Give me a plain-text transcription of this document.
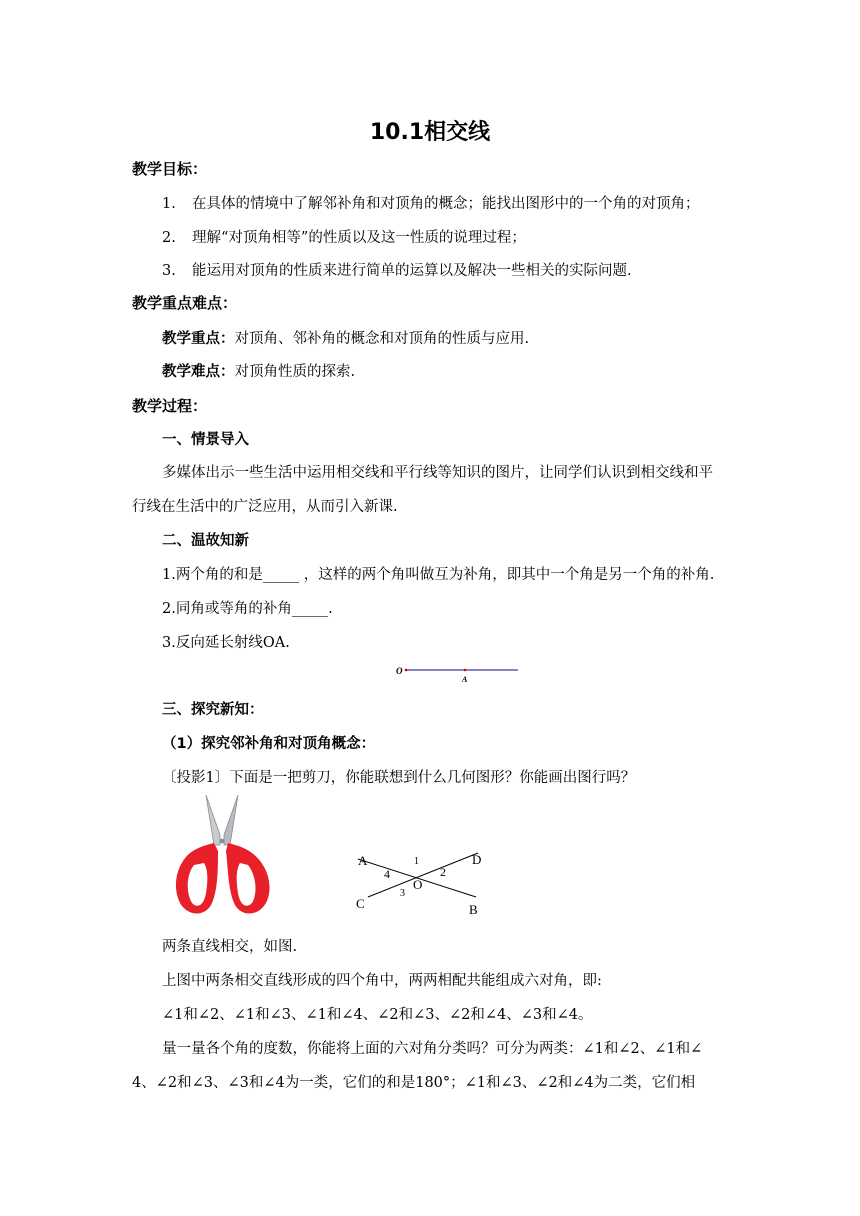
10.1相交线
教学目标：
1. 在具体的情境中了解邻补角和对顶角的概念；能找出图形中的一个角的对顶角；
2. 理解“对顶角相等”的性质以及这一性质的说理过程；
3. 能运用对顶角的性质来进行简单的运算以及解决一些相关的实际问题.
教学重点难点：
教学重点：对顶角、邻补角的概念和对顶角的性质与应用.
教学难点：对顶角性质的探索.
教学过程：
一、情景导入
多媒体出示一些生活中运用相交线和平行线等知识的图片，让同学们认识到相交线和平
行线在生活中的广泛应用，从而引入新课.
二、温故知新
1.两个角的和是_____ ，这样的两个角叫做互为补角，即其中一个角是另一个角的补角.
2.同角或等角的补角_____.
3.反向延长射线OA.
O
A
三、探究新知：
（1）探究邻补角和对顶角概念：
〔投影1〕下面是一把剪刀，你能联想到什么几何图形？你能画出图行吗？
A	D
C	B
O
1
2
3
4
两条直线相交，如图.
上图中两条相交直线形成的四个角中，两两相配共能组成六对角，即:
∠1和∠2、∠1和∠3、∠1和∠4、∠2和∠3、∠2和∠4、∠3和∠4。
量一量各个角的度数，你能将上面的六对角分类吗？可分为两类：∠1和∠2、∠1和∠
4、∠2和∠3、∠3和∠4为一类，它们的和是180°；∠1和∠3、∠2和∠4为二类，它们相
